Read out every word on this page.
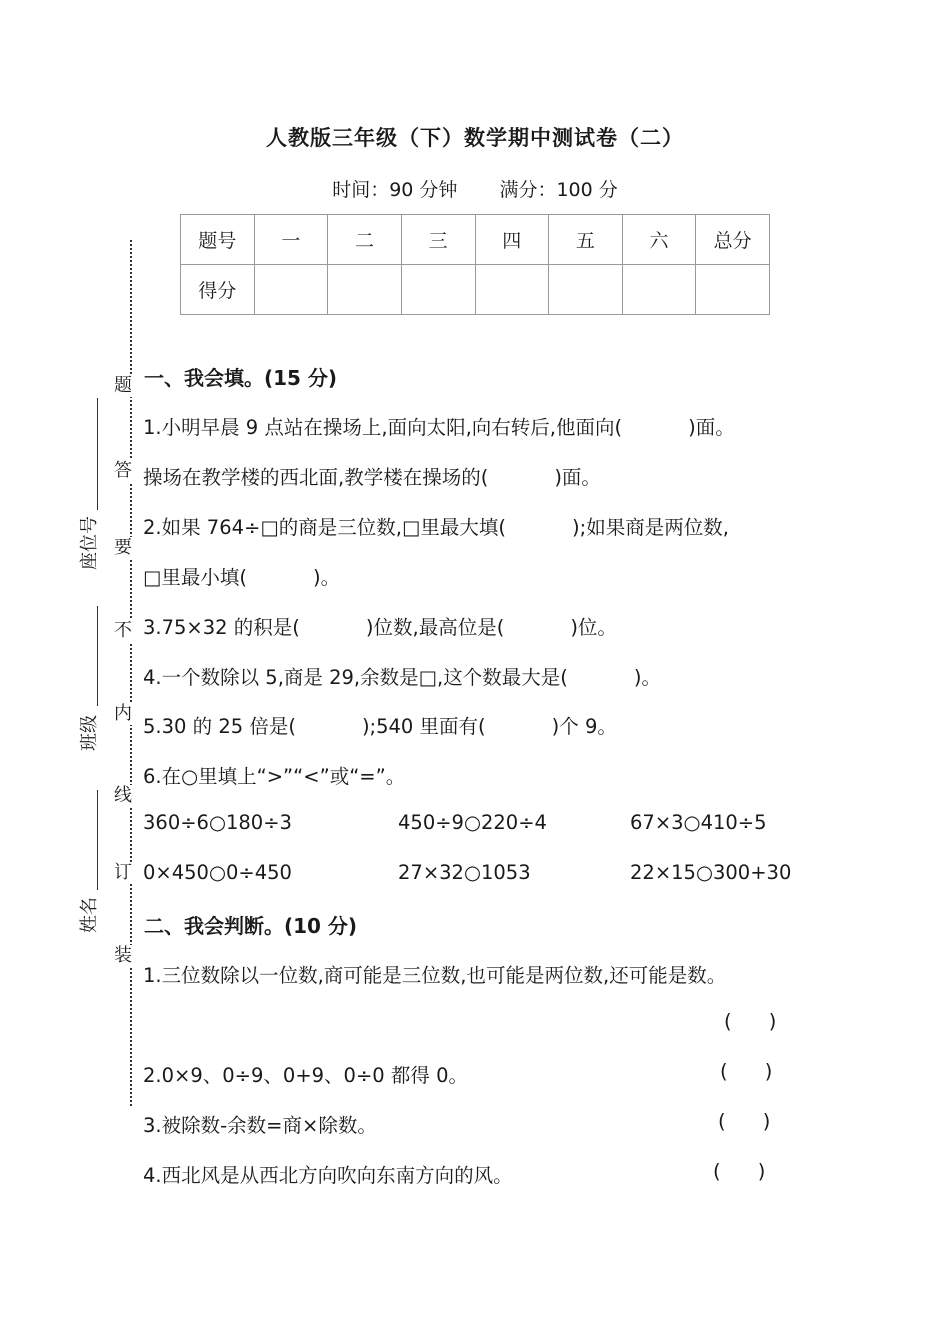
人教版三年级（下）数学期中测试卷（二）
时间：90 分钟 满分：100 分
题号	一	二	三	四	五	六	总分
得分							
题
答
要
不
内
线
订
装
座位号
班级
姓名
一、我会填。(15 分)
1.小明早晨 9 点站在操场上,面向太阳,向右转后,他面向(	)面。
操场在教学楼的西北面,教学楼在操场的(	)面。
2.如果 764÷□的商是三位数,□里最大填(	);如果商是两位数,
□里最小填(	)。
3.75×32 的积是(	)位数,最高位是(	)位。
4.一个数除以 5,商是 29,余数是□,这个数最大是(	)。
5.30 的 25 倍是(	);540 里面有(	)个 9。
6.在○里填上“>”“<”或“=”。
360÷6○180÷3	450÷9○220÷4	67×3○410÷5
0×450○0÷450	27×32○1053	22×15○300+30
二、我会判断。(10 分)
1.三位数除以一位数,商可能是三位数,也可能是两位数,还可能是数。
(      )
2.0×9、0÷9、0+9、0÷0 都得 0。	(      )
3.被除数-余数=商×除数。	(      )
4.西北风是从西北方向吹向东南方向的风。	(      )
